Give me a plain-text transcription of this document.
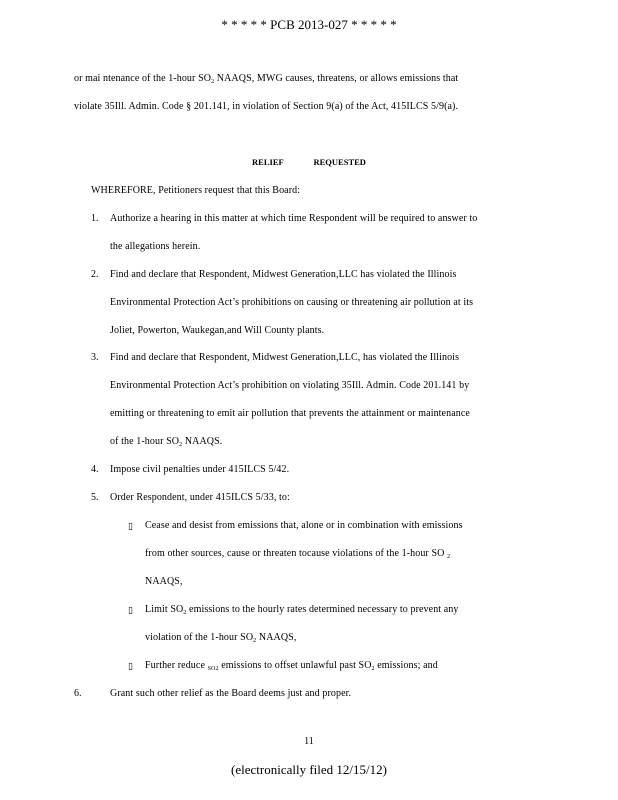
* * * * * PCB 2013-027 * * * * *
or mai ntenance of the 1-hour $SO_2$ NAAQS, MWG causes, threatens, or allows emissions that
violate 35Ill. Admin. Code § 201.141, in violation of Section 9(a) of the Act, 415ILCS 5/9(a).
RELIEF REQUESTED
WHEREFORE, Petitioners request that this Board:
1. Authorize a hearing in this matter at which time Respondent will be required to answer to
the allegations herein.
2. Find and declare that Respondent, Midwest Generation,LLC has violated the Illinois
Environmental Protection Act’s prohibitions on causing or threatening air pollution at its
Joliet, Powerton, Waukegan,and Will County plants.
3. Find and declare that Respondent, Midwest Generation,LLC, has violated the Illinois
Environmental Protection Act’s prohibition on violating 35Ill. Admin. Code 201.141 by
emitting or threatening to emit air pollution that prevents the attainment or maintenance
of the 1-hour $SO_2$ NAAQS.
4. Impose civil penalties under 415ILCS 5/42.
5. Order Respondent, under 415ILCS 5/33, to:
▯ Cease and desist from emissions that, alone or in combination with emissions
from other sources, cause or threaten tocause violations of the 1-hour SO $_2$
NAAQS,
▯ Limit $SO_2$ emissions to the hourly rates determined necessary to prevent any
violation of the 1-hour $SO_2$ NAAQS,
▯ Further reduce $_{SO2}$ emissions to offset unlawful past $SO_2$ emissions; and
6.	Grant such other relief as the Board deems just and proper.
11
(electronically filed 12/15/12)
